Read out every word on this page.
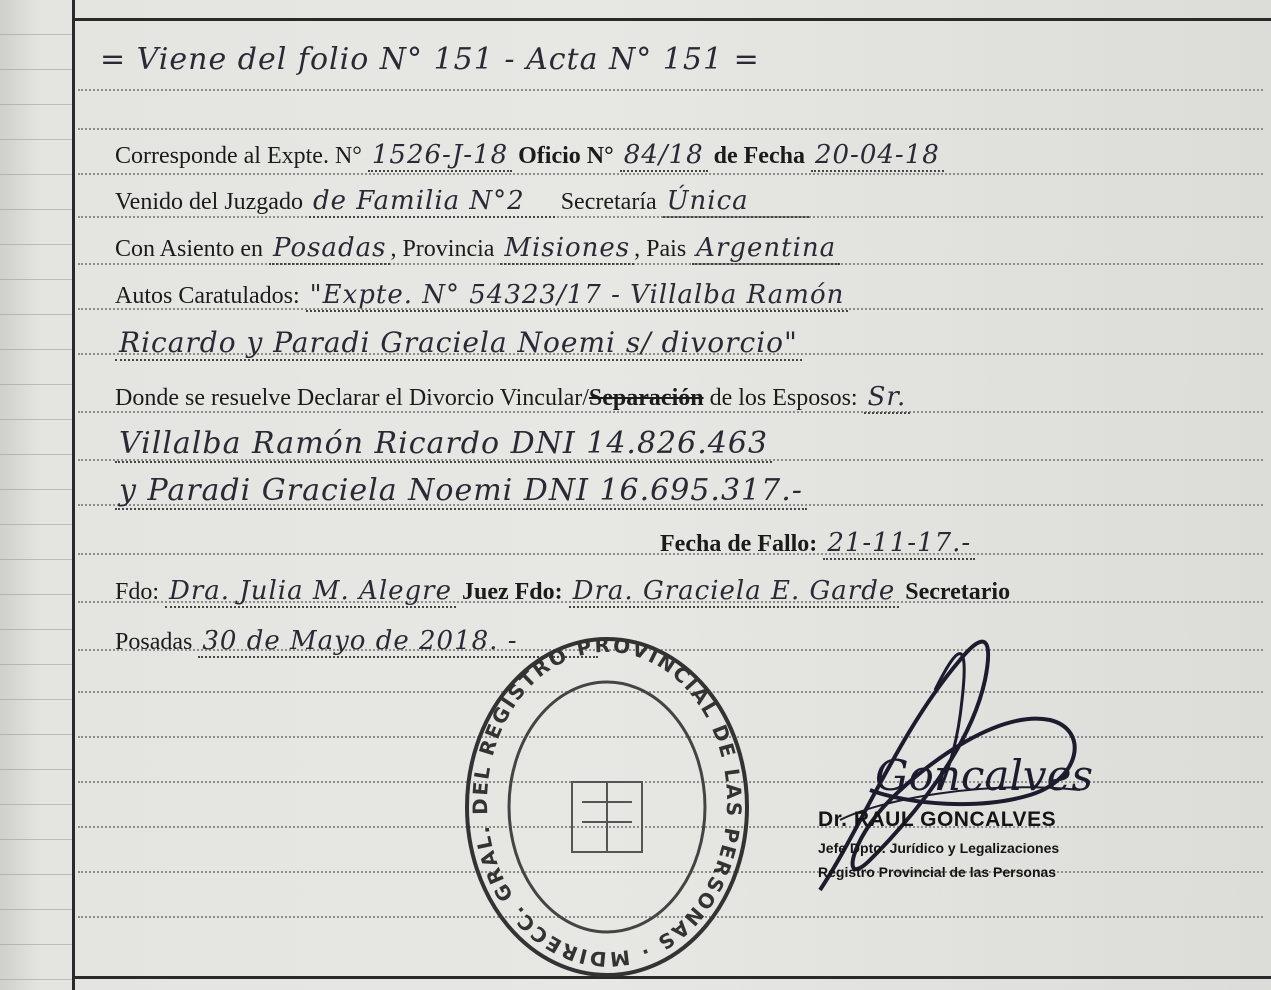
= Viene del folio N° 151 - Acta N° 151 =
Corresponde al Expte. N° 1526-J-18 Oficio N° 84/18 de Fecha 20-04-18
Venido del Juzgado de Familia N°2 Secretaría Única
Con Asiento en Posadas , Provincia Misiones , Pais Argentina
Autos Caratulados: "Expte. N° 54323/17 - Villalba Ramón
Ricardo y Paradi Graciela Noemi s/ divorcio"
Donde se resuelve Declarar el Divorcio Vincular/Separación de los Esposos: Sr.
Villalba Ramón Ricardo DNI 14.826.463
y Paradi Graciela Noemi DNI 16.695.317.-
Fecha de Fallo: 21-11-17.-
Fdo: Dra. Julia M. Alegre Juez Fdo: Dra. Graciela E. Garde Secretario
Posadas 30 de Mayo de 2018. -
DIRECC. GRAL. DEL REGISTRO PROVINCIAL DE LAS PERSONAS · M
Goncalves
Dr. RAUL GONCALVES
Jefe Dpto. Jurídico y Legalizaciones
Registro Provincial de las Personas
